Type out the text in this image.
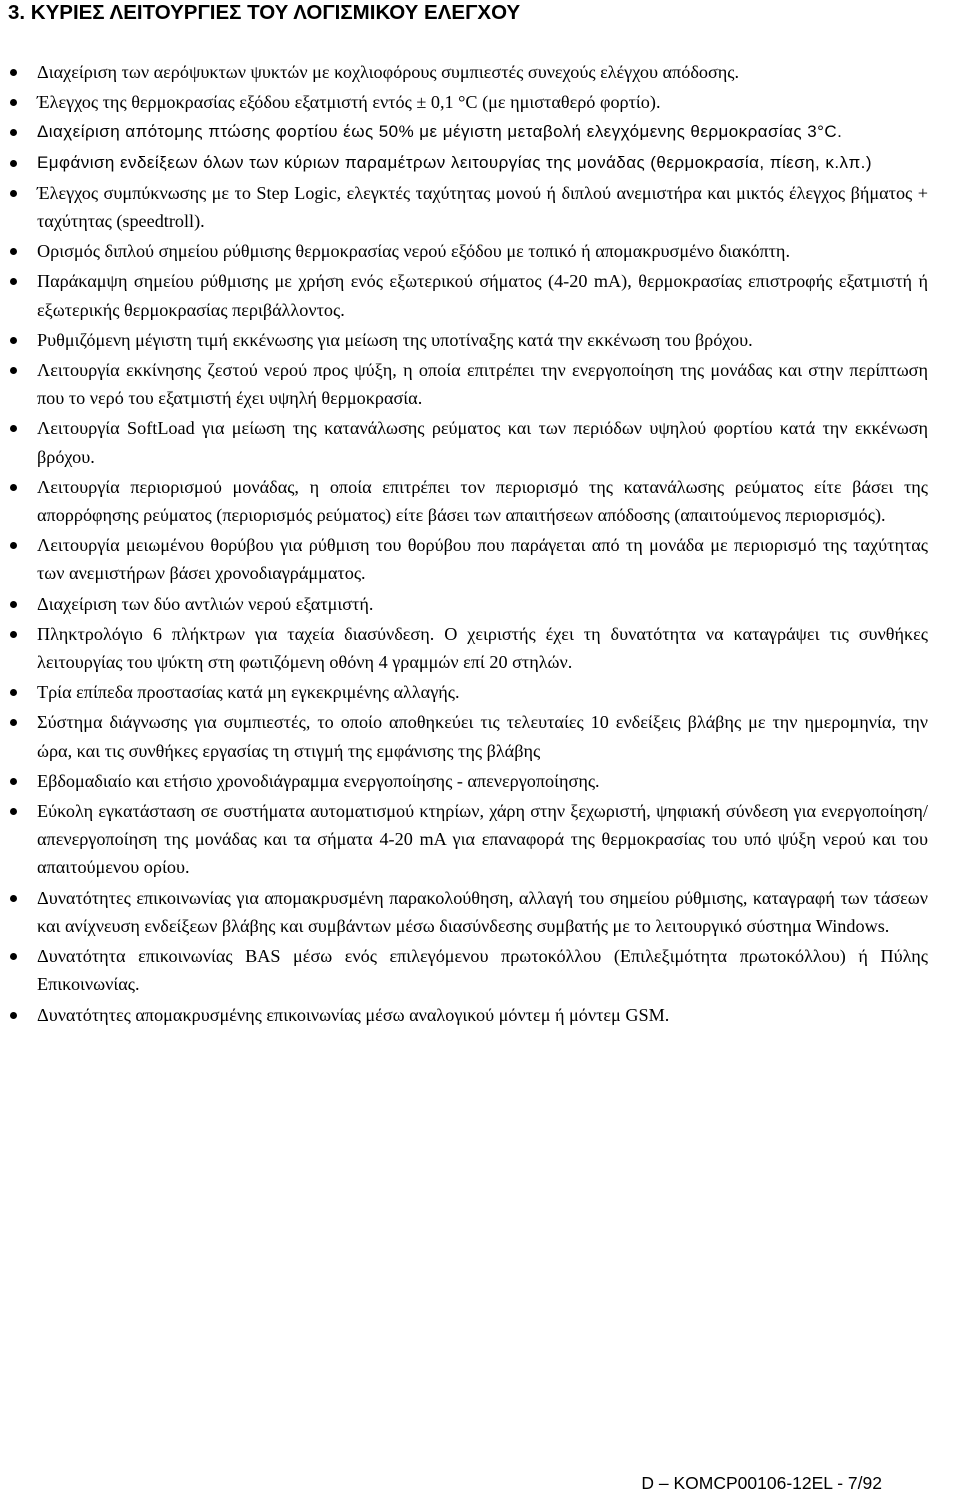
3. ΚΥΡΙΕΣ ΛΕΙΤΟΥΡΓΙΕΣ ΤΟΥ ΛΟΓΙΣΜΙΚΟΥ ΕΛΕΓΧΟΥ
Διαχείριση των αερόψυκτων ψυκτών με κοχλιοφόρους συμπιεστές συνεχούς ελέγχου απόδοσης.
Έλεγχος της θερμοκρασίας εξόδου εξατμιστή εντός ± 0,1 °C (με ημισταθερό φορτίο).
Διαχείριση απότομης πτώσης φορτίου έως 50% με μέγιστη μεταβολή ελεγχόμενης θερμοκρασίας 3°C.
Εμφάνιση ενδείξεων όλων των κύριων παραμέτρων λειτουργίας της μονάδας (θερμοκρασία, πίεση, κ.λπ.)
Έλεγχος συμπύκνωσης με το Step Logic, ελεγκτές ταχύτητας μονού ή διπλού ανεμιστήρα και μικτός έλεγχος βήματος + ταχύτητας (speedtroll).
Ορισμός διπλού σημείου ρύθμισης θερμοκρασίας νερού εξόδου με τοπικό ή απομακρυσμένο διακόπτη.
Παράκαμψη σημείου ρύθμισης με χρήση ενός εξωτερικού σήματος (4-20 mA), θερμοκρασίας επιστροφής εξατμιστή ή εξωτερικής θερμοκρασίας περιβάλλοντος.
Ρυθμιζόμενη μέγιστη τιμή εκκένωσης για μείωση της υποτίναξης κατά την εκκένωση του βρόχου.
Λειτουργία εκκίνησης ζεστού νερού προς ψύξη, η οποία επιτρέπει την ενεργοποίηση της μονάδας και στην περίπτωση που το νερό του εξατμιστή έχει υψηλή θερμοκρασία.
Λειτουργία SoftLoad για μείωση της κατανάλωσης ρεύματος και των περιόδων υψηλού φορτίου κατά την εκκένωση βρόχου.
Λειτουργία περιορισμού μονάδας, η οποία επιτρέπει τον περιορισμό της κατανάλωσης ρεύματος είτε βάσει της απορρόφησης ρεύματος (περιορισμός ρεύματος) είτε βάσει των απαιτήσεων απόδοσης (απαιτούμενος περιορισμός).
Λειτουργία μειωμένου θορύβου για ρύθμιση του θορύβου που παράγεται από τη μονάδα με περιορισμό της ταχύτητας των ανεμιστήρων βάσει χρονοδιαγράμματος.
Διαχείριση των δύο αντλιών νερού εξατμιστή.
Πληκτρολόγιο 6 πλήκτρων για ταχεία διασύνδεση. Ο χειριστής έχει τη δυνατότητα να καταγράψει τις συνθήκες λειτουργίας του ψύκτη στη φωτιζόμενη οθόνη 4 γραμμών επί 20 στηλών.
Τρία επίπεδα προστασίας κατά μη εγκεκριμένης αλλαγής.
Σύστημα διάγνωσης για συμπιεστές, το οποίο αποθηκεύει τις τελευταίες 10 ενδείξεις βλάβης με την ημερομηνία, την ώρα, και τις συνθήκες εργασίας τη στιγμή της εμφάνισης της βλάβης
Εβδομαδιαίο και ετήσιο χρονοδιάγραμμα ενεργοποίησης - απενεργοποίησης.
Εύκολη εγκατάσταση σε συστήματα αυτοματισμού κτηρίων, χάρη στην ξεχωριστή, ψηφιακή σύνδεση για ενεργοποίηση/απενεργοποίηση της μονάδας και τα σήματα 4-20 mA για επαναφορά της θερμοκρασίας του υπό ψύξη νερού και του απαιτούμενου ορίου.
Δυνατότητες επικοινωνίας για απομακρυσμένη παρακολούθηση, αλλαγή του σημείου ρύθμισης, καταγραφή των τάσεων και ανίχνευση ενδείξεων βλάβης και συμβάντων μέσω διασύνδεσης συμβατής με το λειτουργικό σύστημα Windows.
Δυνατότητα επικοινωνίας BAS μέσω ενός επιλεγόμενου πρωτοκόλλου (Επιλεξιμότητα πρωτοκόλλου) ή Πύλης Επικοινωνίας.
Δυνατότητες απομακρυσμένης επικοινωνίας μέσω αναλογικού μόντεμ ή μόντεμ GSM.
D – KOMCP00106-12EL - 7/92
